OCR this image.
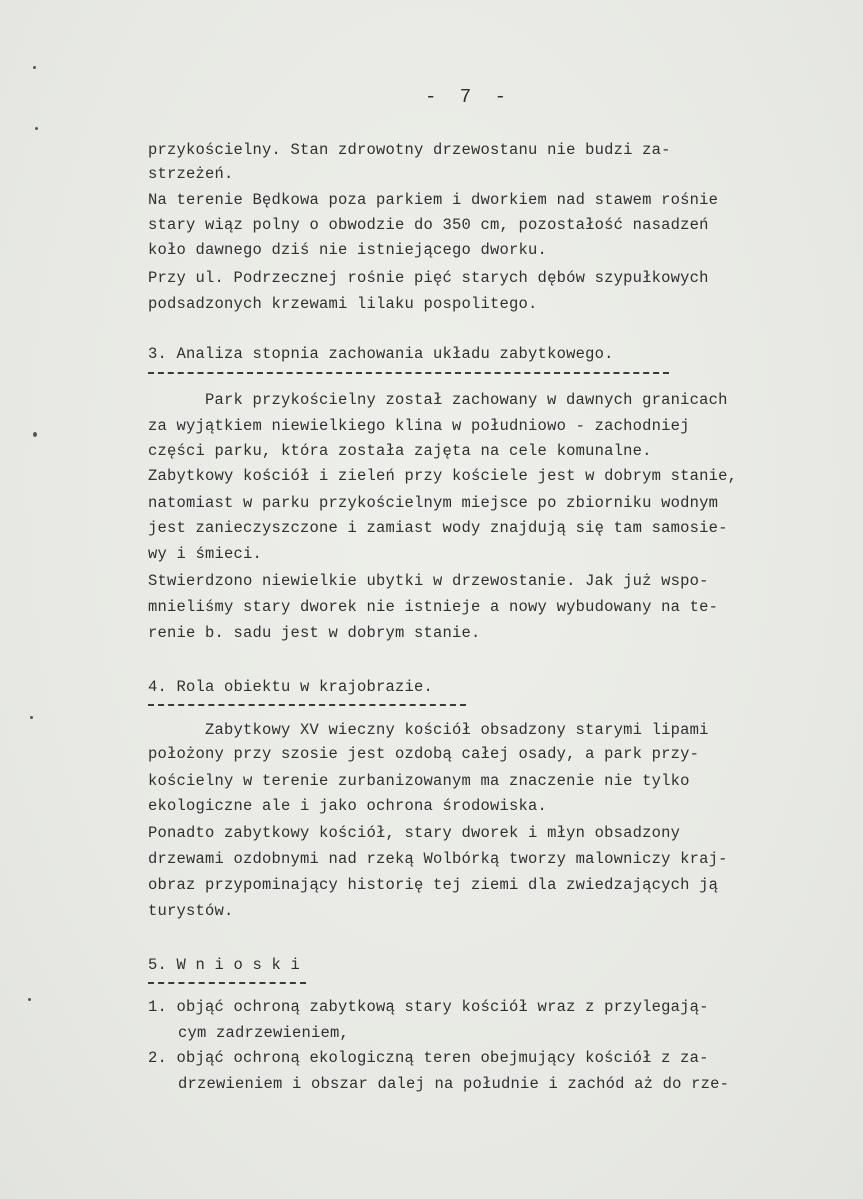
- 7 -
przykościelny. Stan zdrowotny drzewostanu nie budzi za-
strzeżeń.
Na terenie Będkowa poza parkiem i dworkiem nad stawem rośnie
stary wiąz polny o obwodzie do 350 cm, pozostałość nasadzeń
koło dawnego dziś nie istniejącego dworku.
Przy ul. Podrzecznej rośnie pięć starych dębów szypułkowych
podsadzonych krzewami lilaku pospolitego.
3. Analiza stopnia zachowania układu zabytkowego.
Park przykościelny został zachowany w dawnych granicach
za wyjątkiem niewielkiego klina w południowo - zachodniej
części parku, która została zajęta na cele komunalne.
Zabytkowy kościół i zieleń przy kościele jest w dobrym stanie,
natomiast w parku przykościelnym miejsce po zbiorniku wodnym
jest zanieczyszczone i zamiast wody znajdują się tam samosie-
wy i śmieci.
Stwierdzono niewielkie ubytki w drzewostanie. Jak już wspo-
mnieliśmy stary dworek nie istnieje a nowy wybudowany na te-
renie b. sadu jest w dobrym stanie.
4. Rola obiektu w krajobrazie.
Zabytkowy XV wieczny kościół obsadzony starymi lipami
położony przy szosie jest ozdobą całej osady, a park przy-
kościelny w terenie zurbanizowanym ma znaczenie nie tylko
ekologiczne ale i jako ochrona środowiska.
Ponadto zabytkowy kościół, stary dworek i młyn obsadzony
drzewami ozdobnymi nad rzeką Wolbórką tworzy malowniczy kraj-
obraz przypominający historię tej ziemi dla zwiedzających ją
turystów.
5. W n i o s k i
1. objąć ochroną zabytkową stary kościół wraz z przylegają-
cym zadrzewieniem,
2. objąć ochroną ekologiczną teren obejmujący kościół z za-
drzewieniem i obszar dalej na południe i zachód aż do rze-
